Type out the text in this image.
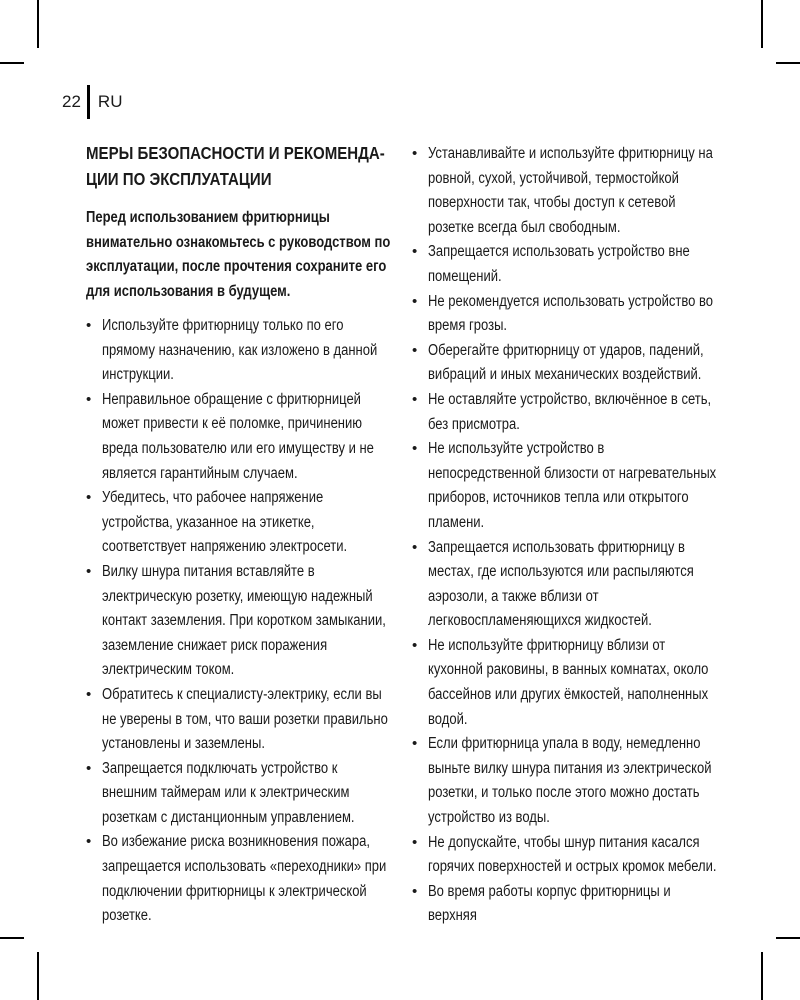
22 RU
МЕРЫ БЕЗОПАСНОСТИ И РЕКОМЕНДА-ЦИИ ПО ЭКСПЛУАТАЦИИ
Перед использованием фритюрницы внимательно ознакомьтесь с руководством по эксплуатации, после прочтения сохраните его для использования в будущем.
• Используйте фритюрницу только по его прямому назначению, как изложено в данной инструкции.
• Неправильное обращение с фритюрницей может привести к её поломке, причинению вреда пользователю или его имуществу и не является гарантийным случаем.
• Убедитесь, что рабочее напряжение устройства, указанное на этикетке, соответствует напряжению электросети.
• Вилку шнура питания вставляйте в электрическую розетку, имеющую надежный контакт заземления. При коротком замыкании, заземление снижает риск поражения электрическим током.
• Обратитесь к специалисту-электрику, если вы не уверены в том, что ваши розетки правильно установлены и заземлены.
• Запрещается подключать устройство к внешним таймерам или к электрическим розеткам с дистанционным управлением.
• Во избежание риска возникновения пожара, запрещается использовать «переходники» при подключении фритюрницы к электрической розетке.
• Устанавливайте и используйте фритюрницу на ровной, сухой, устойчивой, термостойкой поверхности так, чтобы доступ к сетевой розетке всегда был свободным.
• Запрещается использовать устройство вне помещений.
• Не рекомендуется использовать устройство во время грозы.
• Оберегайте фритюрницу от ударов, падений, вибраций и иных механических воздействий.
• Не оставляйте устройство, включённое в сеть, без присмотра.
• Не используйте устройство в непосредственной близости от нагревательных приборов, источников тепла или открытого пламени.
• Запрещается использовать фритюрницу в местах, где используются или распыляются аэрозоли, а также вблизи от легковоспламеняющихся жидкостей.
• Не используйте фритюрницу вблизи от кухонной раковины, в ванных комнатах, около бассейнов или других ёмкостей, наполненных водой.
• Если фритюрница упала в воду, немедленно выньте вилку шнура питания из электрической розетки, и только после этого можно достать устройство из воды.
• Не допускайте, чтобы шнур питания касался горячих поверхностей и острых кромок мебели.
• Во время работы корпус фритюрницы и верхняя
